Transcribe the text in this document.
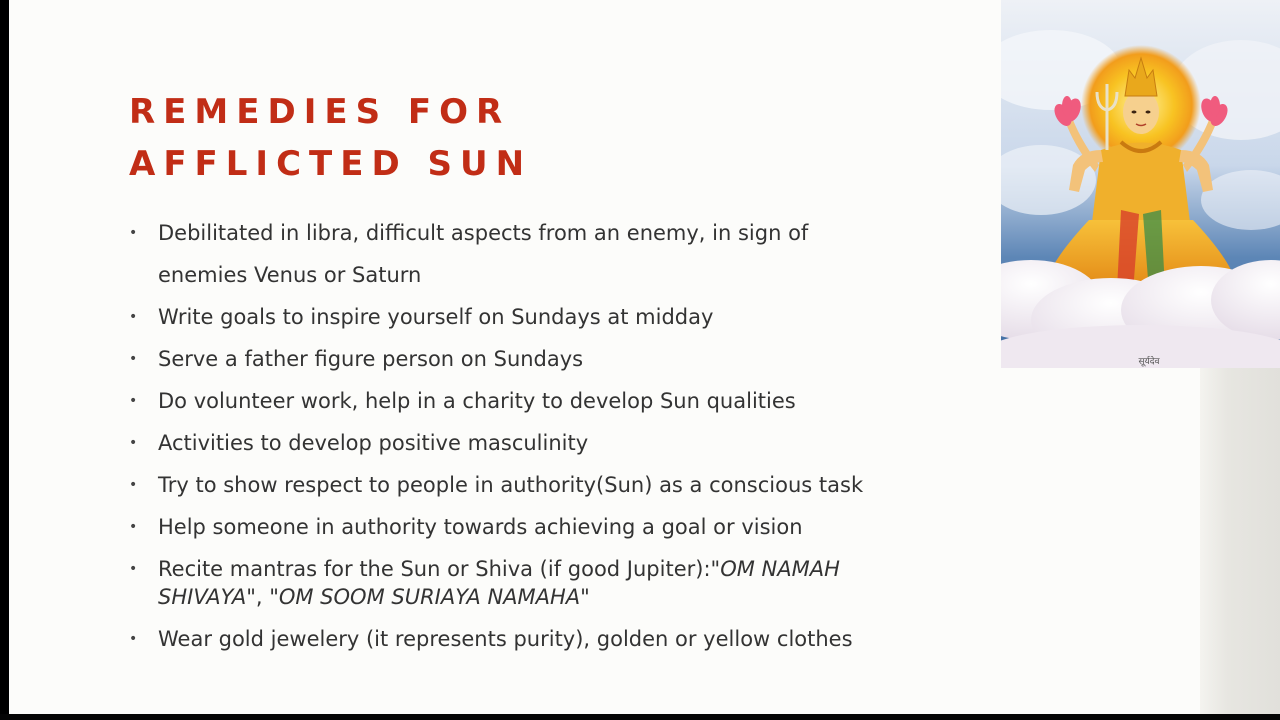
REMEDIES FOR
AFFLICTED SUN
• Debilitated in libra, difficult aspects from an enemy, in sign of
enemies Venus or Saturn
• Write goals to inspire yourself on Sundays at midday
• Serve a father figure person on Sundays
• Do volunteer work, help in a charity to develop Sun qualities
• Activities to develop positive masculinity
• Try to show respect to people in authority(Sun) as a conscious task
• Help someone in authority towards achieving a goal or vision
• Recite mantras for the Sun or Shiva (if good Jupiter):"OM NAMAH
SHIVAYA", "OM SOOM SURIAYA NAMAHA"
• Wear gold jewelery (it represents purity), golden or yellow clothes
सूर्यदेव
